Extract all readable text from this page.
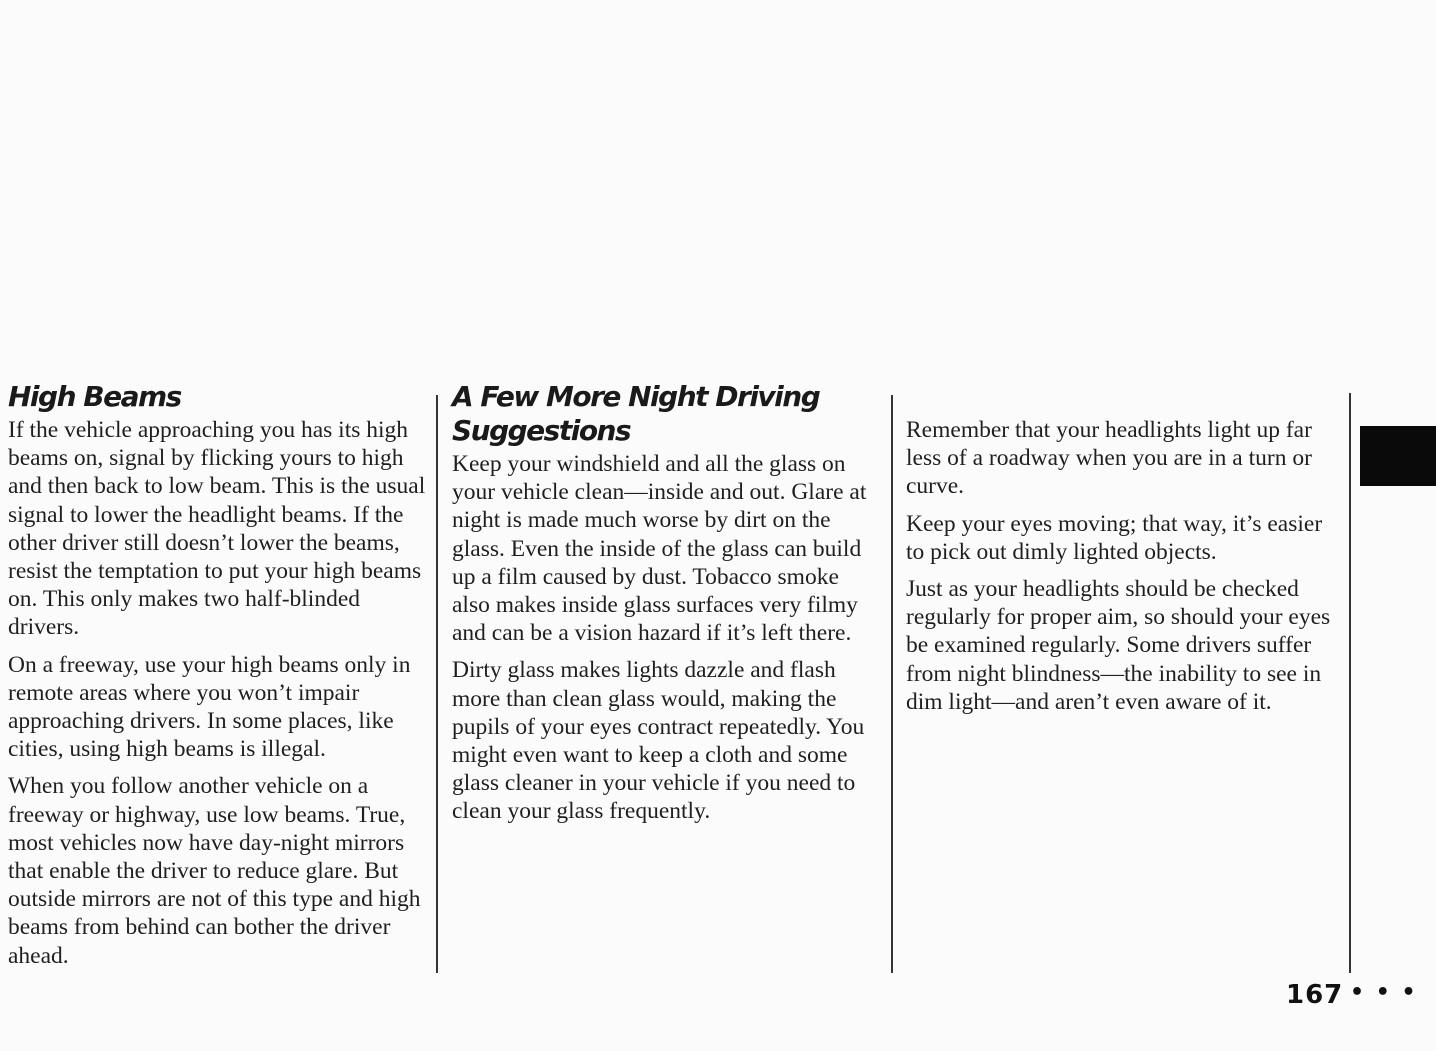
High Beams

If the vehicle approaching you has its high beams on, signal by flicking yours to high and then back to low beam. This is the usual signal to lower the headlight beams. If the other driver still doesn’t lower the beams, resist the temptation to put your high beams on. This only makes two half-blinded drivers.

On a freeway, use your high beams only in remote areas where you won’t impair approaching drivers. In some places, like cities, using high beams is illegal.

When you follow another vehicle on a freeway or highway, use low beams. True, most vehicles now have day-night mirrors that enable the driver to reduce glare. But outside mirrors are not of this type and high beams from behind can bother the driver ahead.

A Few More Night Driving Suggestions

Keep your windshield and all the glass on your vehicle clean—inside and out. Glare at night is made much worse by dirt on the glass. Even the inside of the glass can build up a film caused by dust. Tobacco smoke also makes inside glass surfaces very filmy and can be a vision hazard if it’s left there.

Dirty glass makes lights dazzle and flash more than clean glass would, making the pupils of your eyes contract repeatedly. You might even want to keep a cloth and some glass cleaner in your vehicle if you need to clean your glass frequently.

Remember that your headlights light up far less of a roadway when you are in a turn or curve.

Keep your eyes moving; that way, it’s easier to pick out dimly lighted objects.

Just as your headlights should be checked regularly for proper aim, so should your eyes be examined regularly. Some drivers suffer from night blindness—the inability to see in dim light—and aren’t even aware of it.

167 • • •
